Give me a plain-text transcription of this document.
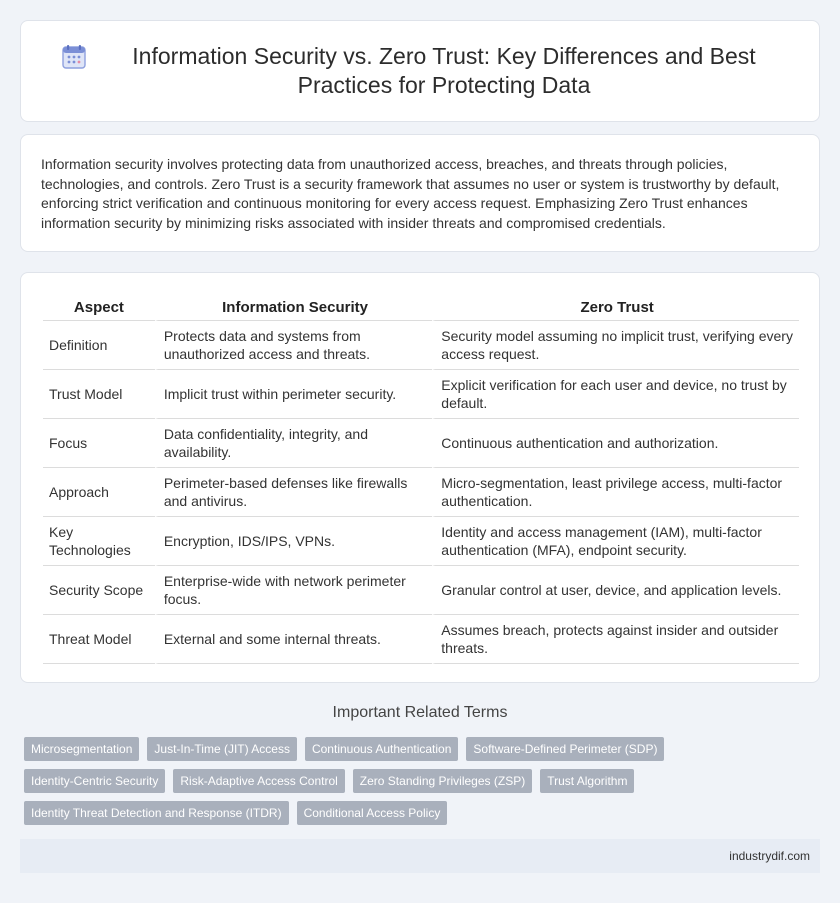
Information Security vs. Zero Trust: Key Differences and Best Practices for Protecting Data

Information security involves protecting data from unauthorized access, breaches, and threats through policies, technologies, and controls. Zero Trust is a security framework that assumes no user or system is trustworthy by default, enforcing strict verification and continuous monitoring for every access request. Emphasizing Zero Trust enhances information security by minimizing risks associated with insider threats and compromised credentials.

Aspect	Information Security	Zero Trust
Definition	Protects data and systems from unauthorized access and threats.	Security model assuming no implicit trust, verifying every access request.
Trust Model	Implicit trust within perimeter security.	Explicit verification for each user and device, no trust by default.
Focus	Data confidentiality, integrity, and availability.	Continuous authentication and authorization.
Approach	Perimeter-based defenses like firewalls and antivirus.	Micro-segmentation, least privilege access, multi-factor authentication.
Key Technologies	Encryption, IDS/IPS, VPNs.	Identity and access management (IAM), multi-factor authentication (MFA), endpoint security.
Security Scope	Enterprise-wide with network perimeter focus.	Granular control at user, device, and application levels.
Threat Model	External and some internal threats.	Assumes breach, protects against insider and outsider threats.
Important Related Terms
Microsegmentation	Just-In-Time (JIT) Access	Continuous Authentication	Software-Defined Perimeter (SDP)
Identity-Centric Security	Risk-Adaptive Access Control	Zero Standing Privileges (ZSP)	Trust Algorithm
Identity Threat Detection and Response (ITDR)	Conditional Access Policy
industrydif.com
